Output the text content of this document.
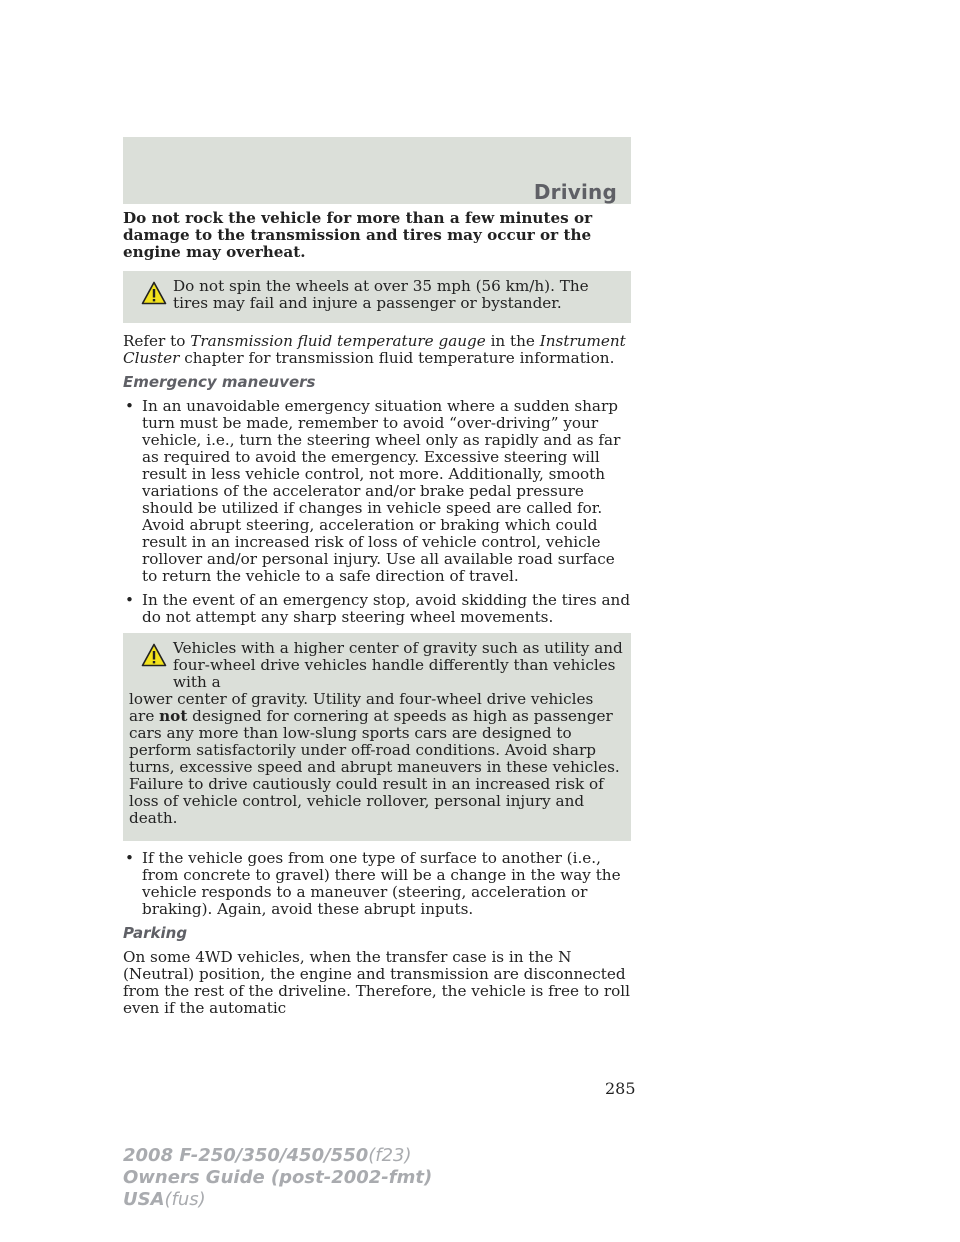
Driving

Do not rock the vehicle for more than a few minutes or damage to the transmission and tires may occur or the engine may overheat.

Do not spin the wheels at over 35 mph (56 km/h). The tires may fail and injure a passenger or bystander.

Refer to Transmission fluid temperature gauge in the Instrument Cluster chapter for transmission fluid temperature information.

Emergency maneuvers
• In an unavoidable emergency situation where a sudden sharp turn must be made, remember to avoid “over-driving” your vehicle, i.e., turn the steering wheel only as rapidly and as far as required to avoid the emergency. Excessive steering will result in less vehicle control, not more. Additionally, smooth variations of the accelerator and/or brake pedal pressure should be utilized if changes in vehicle speed are called for. Avoid abrupt steering, acceleration or braking which could result in an increased risk of loss of vehicle control, vehicle rollover and/or personal injury. Use all available road surface to return the vehicle to a safe direction of travel.
• In the event of an emergency stop, avoid skidding the tires and do not attempt any sharp steering wheel movements.

Vehicles with a higher center of gravity such as utility and
four-wheel drive vehicles handle differently than vehicles with a
lower center of gravity. Utility and four-wheel drive vehicles are not designed for cornering at speeds as high as passenger cars any more than low-slung sports cars are designed to perform satisfactorily under off-road conditions. Avoid sharp turns, excessive speed and abrupt maneuvers in these vehicles. Failure to drive cautiously could result in an increased risk of loss of vehicle control, vehicle rollover, personal injury and death.

• If the vehicle goes from one type of surface to another (i.e., from concrete to gravel) there will be a change in the way the vehicle responds to a maneuver (steering, acceleration or braking). Again, avoid these abrupt inputs.
Parking

On some 4WD vehicles, when the transfer case is in the N (Neutral) position, the engine and transmission are disconnected from the rest of the driveline. Therefore, the vehicle is free to roll even if the automatic

285
2008 F-250/350/450/550(f23)
Owners Guide (post-2002-fmt)
USA(fus)
